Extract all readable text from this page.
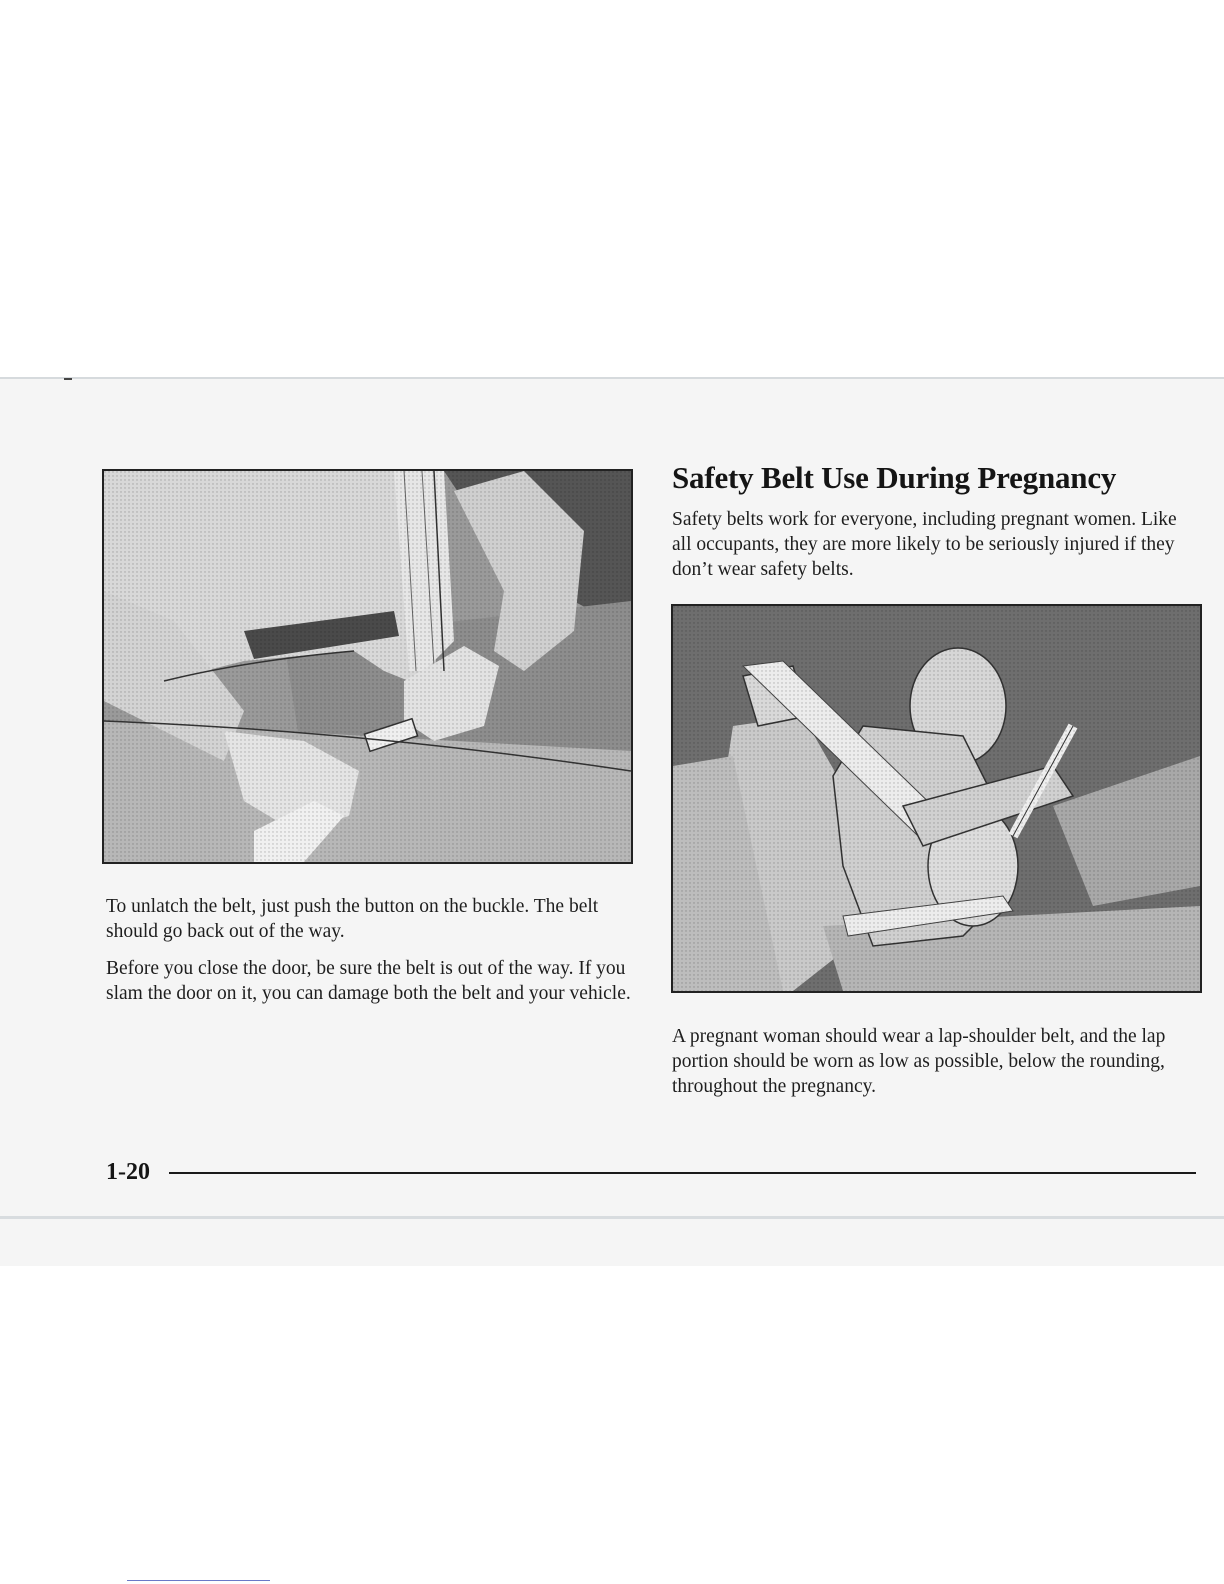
Safety Belt Use During Pregnancy

Safety belts work for everyone, including pregnant women. Like all occupants, they are more likely to be seriously injured if they don’t wear safety belts.

To unlatch the belt, just push the button on the buckle. The belt should go back out of the way.

Before you close the door, be sure the belt is out of the way. If you slam the door on it, you can damage both the belt and your vehicle.

A pregnant woman should wear a lap-shoulder belt, and the lap portion should be worn as low as possible, below the rounding, throughout the pregnancy.

1-20
